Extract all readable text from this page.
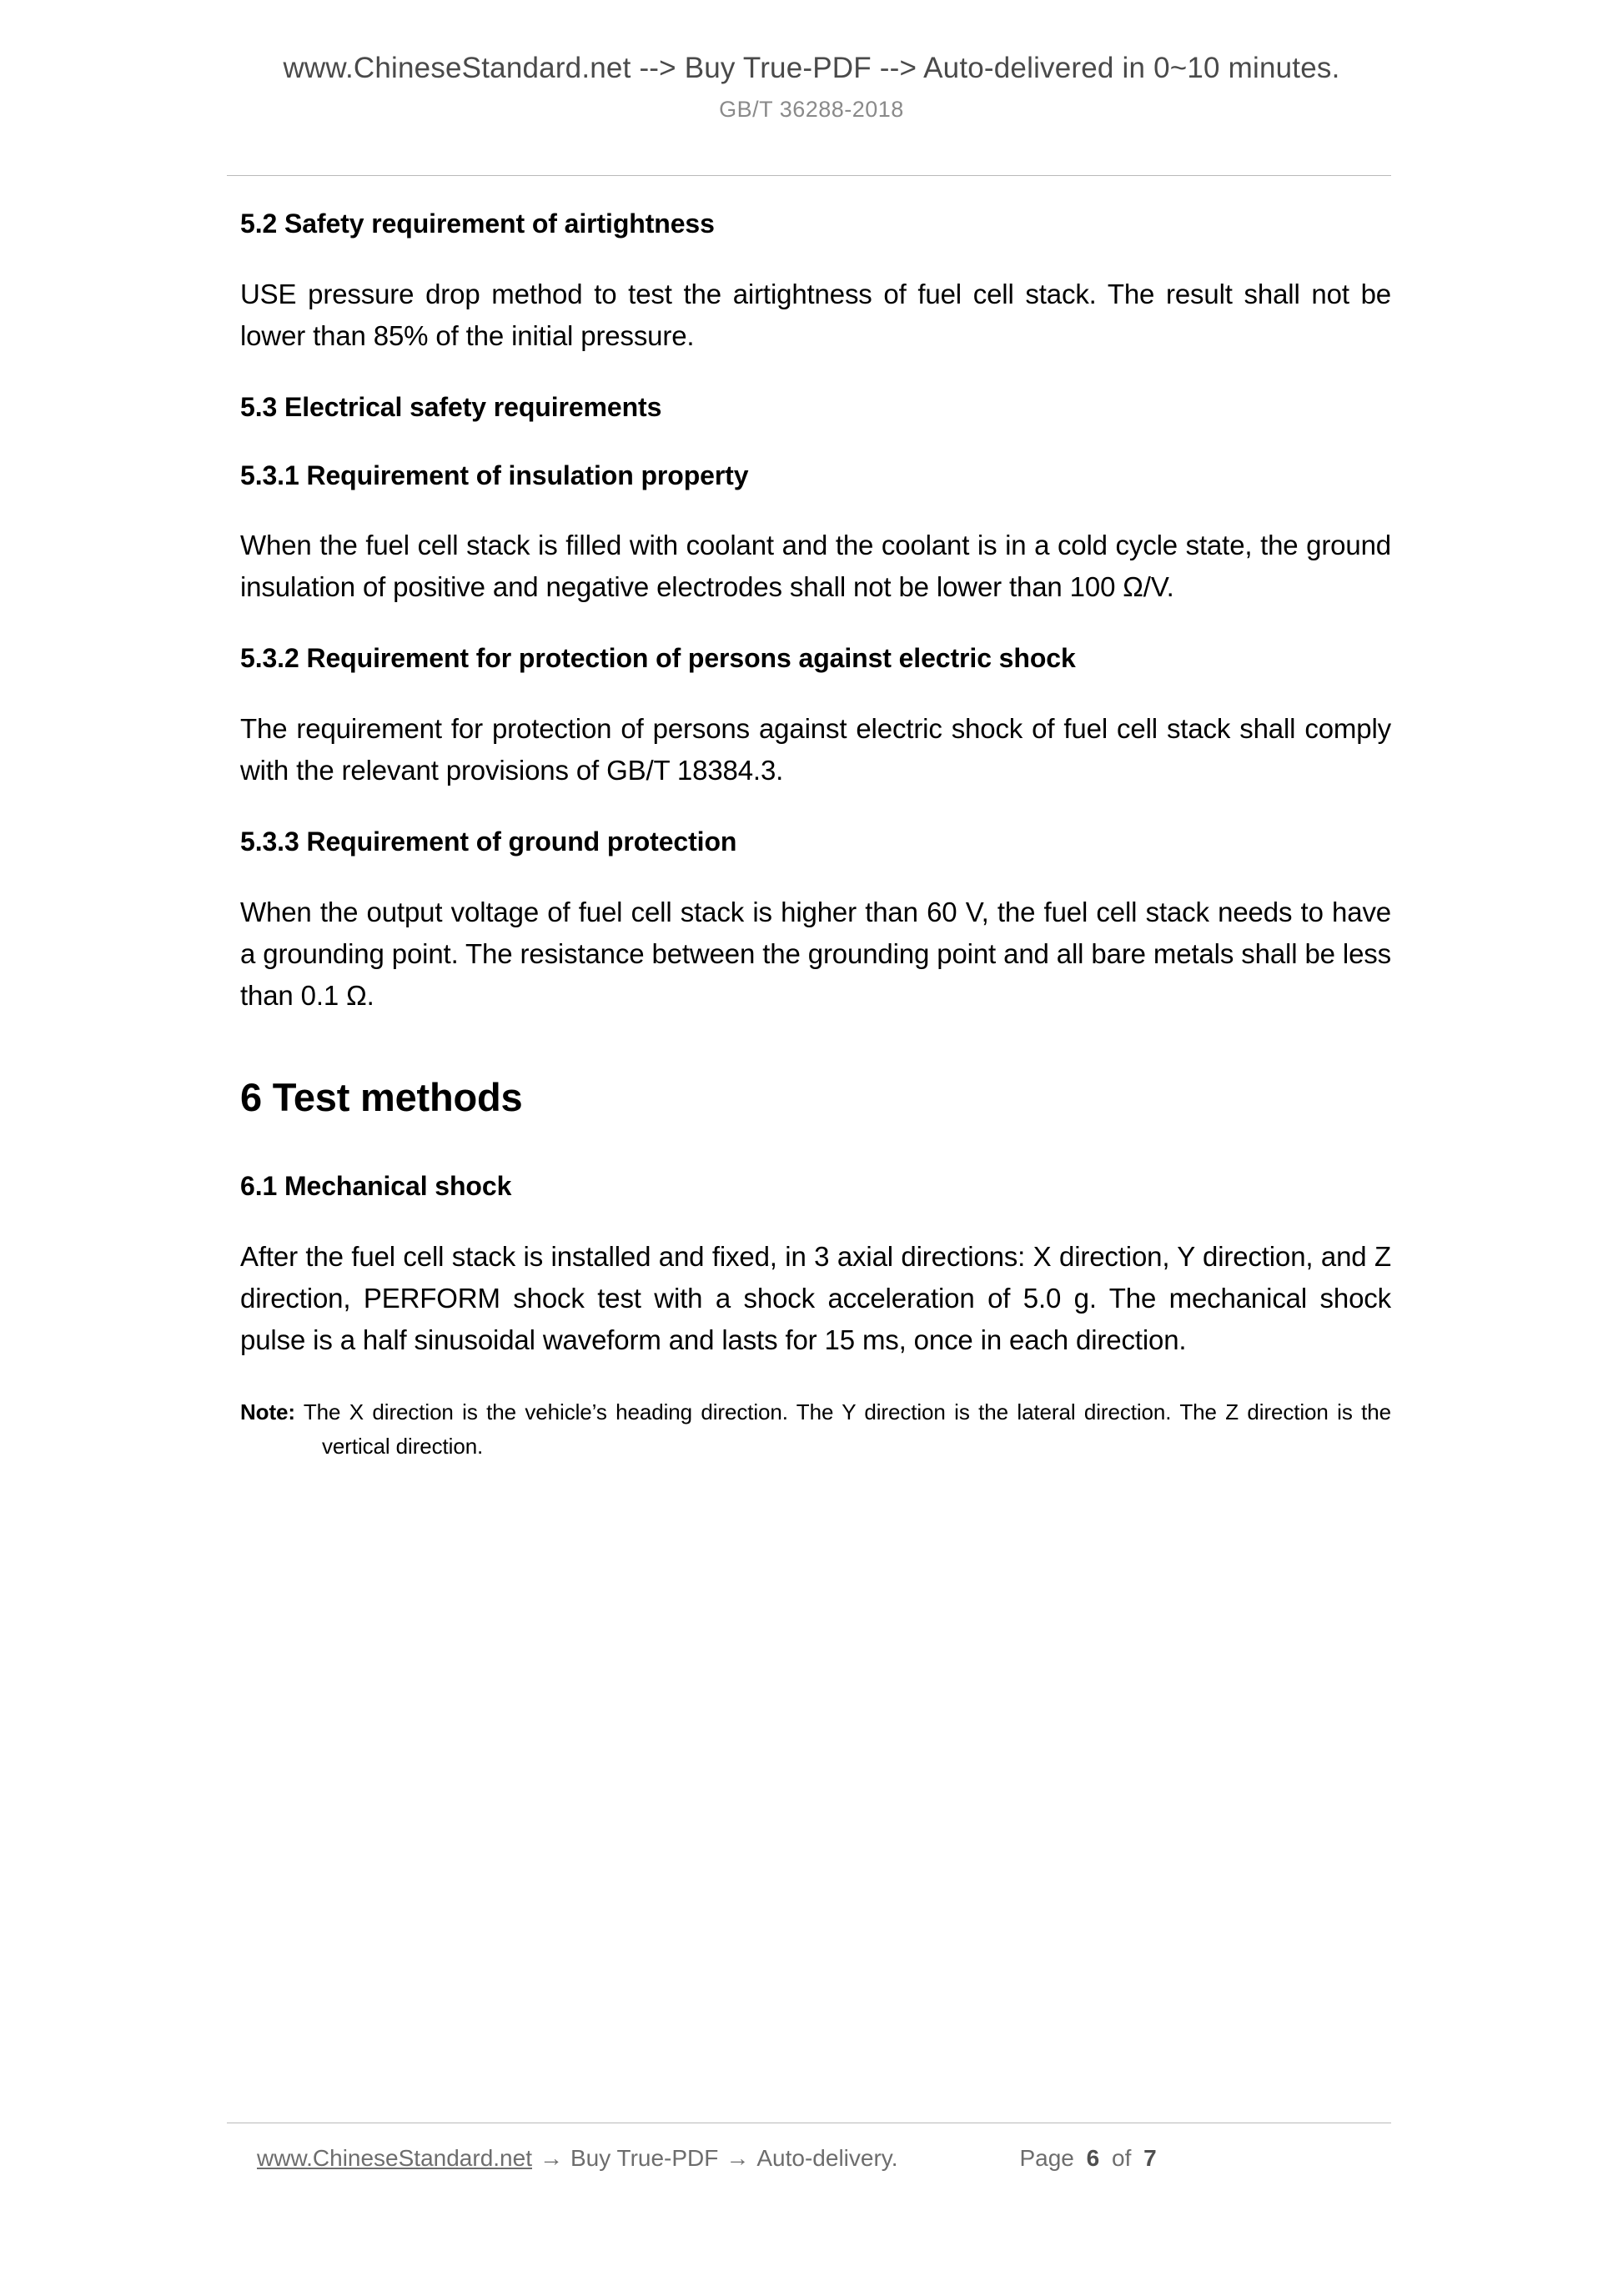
www.ChineseStandard.net --> Buy True-PDF --> Auto-delivered in 0~10 minutes.
GB/T 36288-2018
5.2 Safety requirement of airtightness

USE pressure drop method to test the airtightness of fuel cell stack. The result shall not be lower than 85% of the initial pressure.

5.3 Electrical safety requirements
5.3.1 Requirement of insulation property

When the fuel cell stack is filled with coolant and the coolant is in a cold cycle state, the ground insulation of positive and negative electrodes shall not be lower than 100 Ω/V.

5.3.2 Requirement for protection of persons against electric shock

The requirement for protection of persons against electric shock of fuel cell stack shall comply with the relevant provisions of GB/T 18384.3.

5.3.3 Requirement of ground protection

When the output voltage of fuel cell stack is higher than 60 V, the fuel cell stack needs to have a grounding point. The resistance between the grounding point and all bare metals shall be less than 0.1 Ω.

6 Test methods
6.1 Mechanical shock

After the fuel cell stack is installed and fixed, in 3 axial directions: X direction, Y direction, and Z direction, PERFORM shock test with a shock acceleration of 5.0 g. The mechanical shock pulse is a half sinusoidal waveform and lasts for 15 ms, once in each direction.

Note: The X direction is the vehicle’s heading direction. The Y direction is the lateral direction. The Z direction is the vertical direction.

www.ChineseStandard.net → Buy True-PDF → Auto-delivery.	Page 6 of 7
